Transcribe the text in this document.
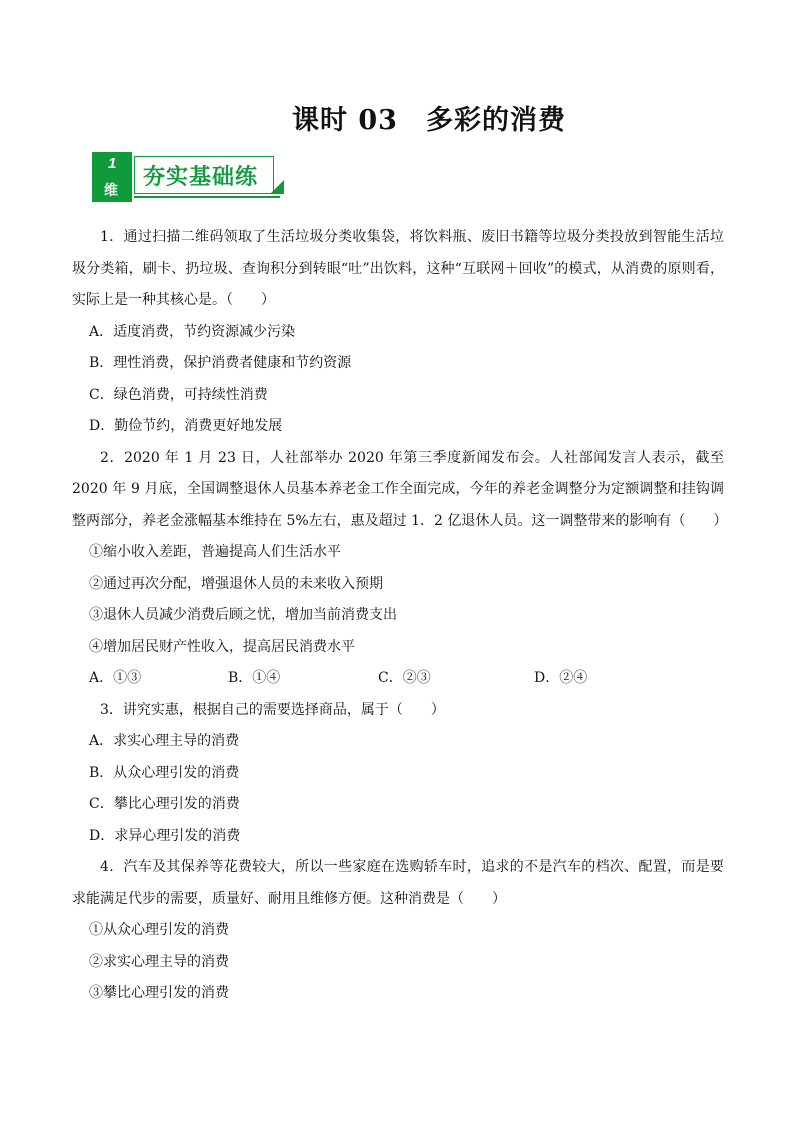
课时 03 多彩的消费
1
维
夯实基础练

1．通过扫描二维码领取了生活垃圾分类收集袋，将饮料瓶、废旧书籍等垃圾分类投放到智能生活垃圾分类箱，刷卡、扔垃圾、查询积分到转眼“吐”出饮料，这种“互联网＋回收”的模式，从消费的原则看，实际上是一种其核心是。（　　）

A．适度消费，节约资源减少污染

B．理性消费，保护消费者健康和节约资源

C．绿色消费，可持续性消费

D．勤俭节约，消费更好地发展

2．2020 年 1 月 23 日，人社部举办 2020 年第三季度新闻发布会。人社部闻发言人表示，截至 2020 年 9 月底，全国调整退休人员基本养老金工作全面完成，今年的养老金调整分为定额调整和挂钩调整两部分，养老金涨幅基本维持在 5%左右，惠及超过 1．2 亿退休人员。这一调整带来的影响有（　　）

①缩小收入差距，普遍提高人们生活水平

②通过再次分配，增强退休人员的未来收入预期

③退休人员减少消费后顾之忧，增加当前消费支出

④增加居民财产性收入，提高居民消费水平

A．①③	B．①④	C．②③	D．②④

3．讲究实惠，根据自己的需要选择商品，属于（　　）

A．求实心理主导的消费

B．从众心理引发的消费

C．攀比心理引发的消费

D．求异心理引发的消费

4．汽车及其保养等花费较大，所以一些家庭在选购轿车时，追求的不是汽车的档次、配置，而是要求能满足代步的需要，质量好、耐用且维修方便。这种消费是（　　）

①从众心理引发的消费

②求实心理主导的消费

③攀比心理引发的消费
